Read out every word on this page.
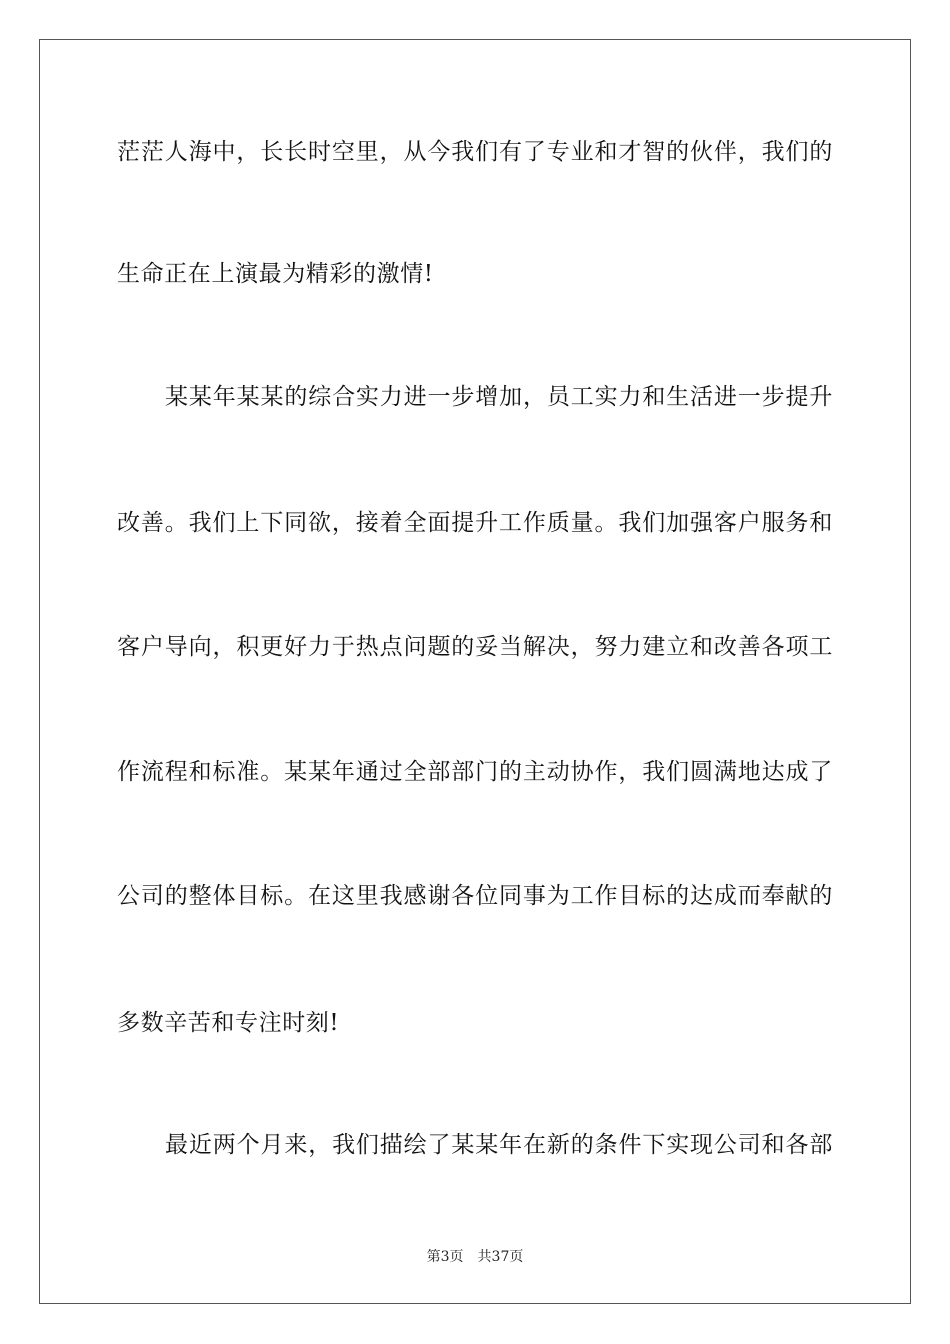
茫茫人海中，长长时空里，从今我们有了专业和才智的伙伴，我们的
生命正在上演最为精彩的激情!
某某年某某的综合实力进一步增加，员工实力和生活进一步提升
改善。我们上下同欲，接着全面提升工作质量。我们加强客户服务和
客户导向，积更好力于热点问题的妥当解决，努力建立和改善各项工
作流程和标准。某某年通过全部部门的主动协作，我们圆满地达成了
公司的整体目标。在这里我感谢各位同事为工作目标的达成而奉献的
多数辛苦和专注时刻!
最近两个月来，我们描绘了某某年在新的条件下实现公司和各部
第3页 共37页
